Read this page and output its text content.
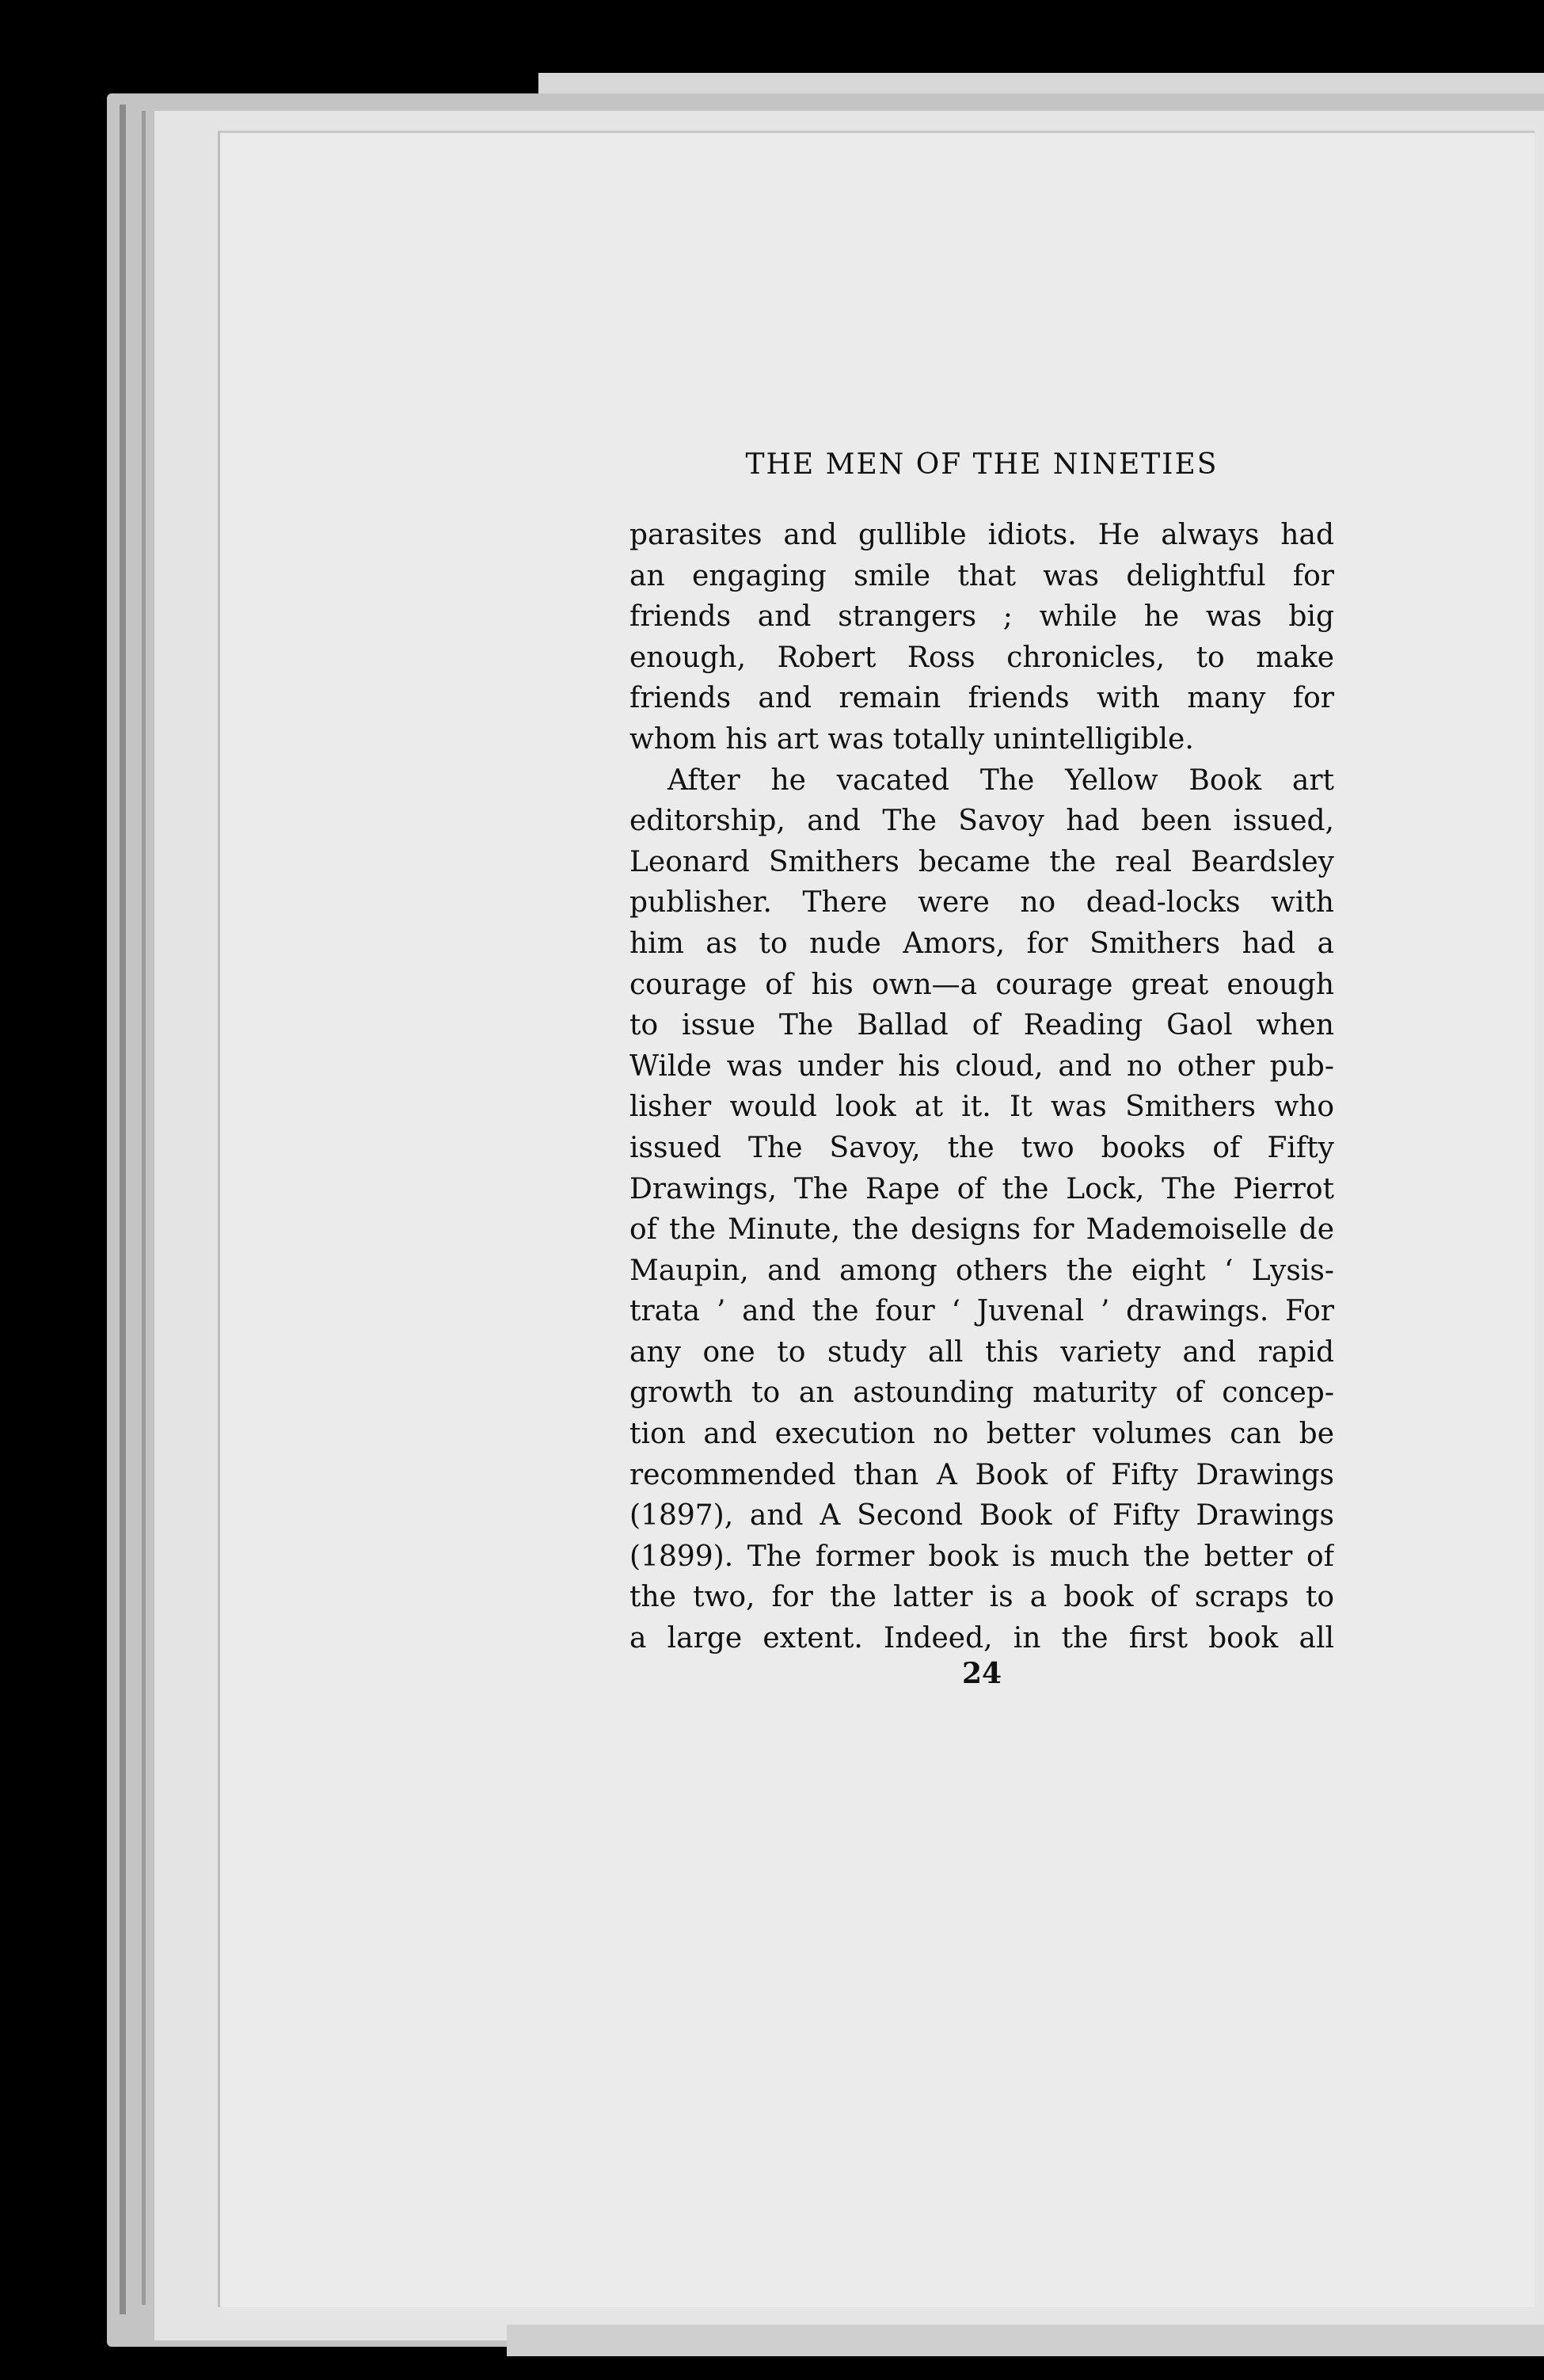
THE MEN OF THE NINETIES
parasites and gullible idiots. He always had
an engaging smile that was delightful for
friends and strangers ; while he was big
enough, Robert Ross chronicles, to make
friends and remain friends with many for
whom his art was totally unintelligible.
After he vacated The Yellow Book art
editorship, and The Savoy had been issued,
Leonard Smithers became the real Beardsley
publisher. There were no dead-locks with
him as to nude Amors, for Smithers had a
courage of his own—a courage great enough
to issue The Ballad of Reading Gaol when
Wilde was under his cloud, and no other pub-
lisher would look at it. It was Smithers who
issued The Savoy, the two books of Fifty
Drawings, The Rape of the Lock, The Pierrot
of the Minute, the designs for Mademoiselle de
Maupin, and among others the eight ‘ Lysis-
trata ’ and the four ‘ Juvenal ’ drawings. For
any one to study all this variety and rapid
growth to an astounding maturity of concep-
tion and execution no better volumes can be
recommended than A Book of Fifty Drawings
(1897), and A Second Book of Fifty Drawings
(1899). The former book is much the better of
the two, for the latter is a book of scraps to
a large extent. Indeed, in the first book all
24
